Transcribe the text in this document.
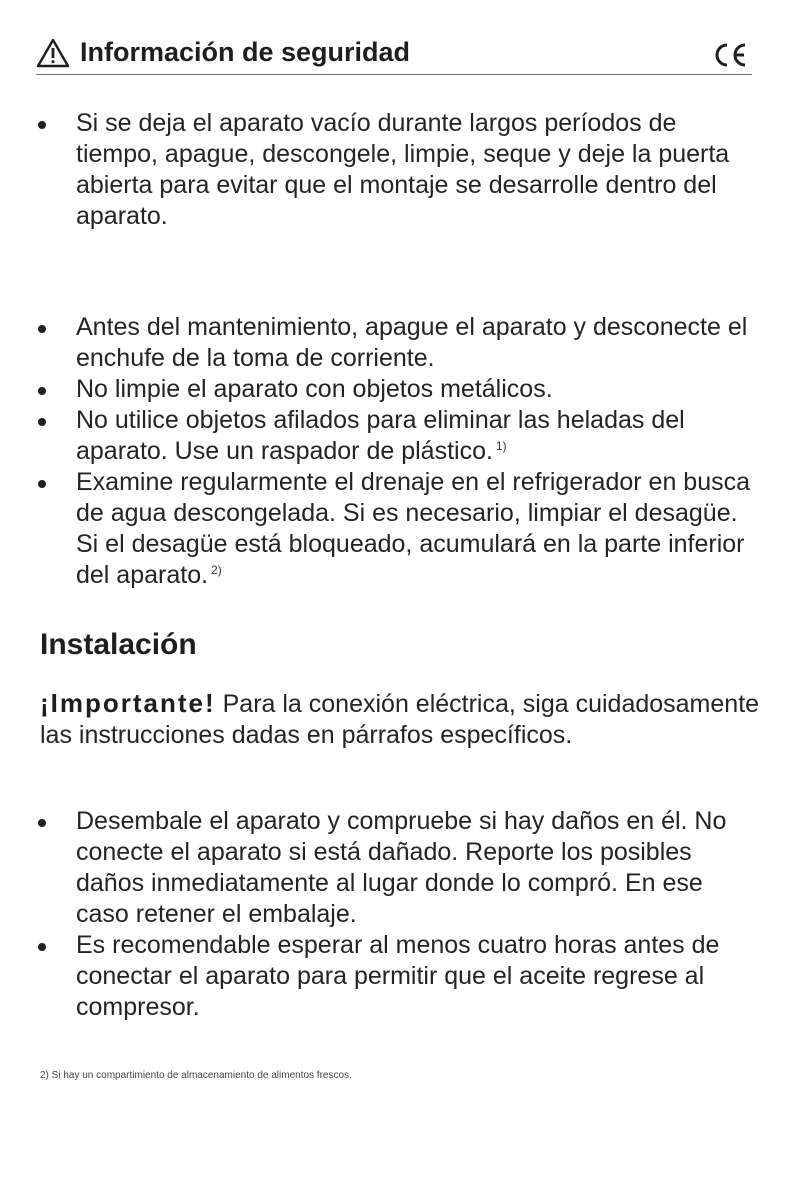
Información de seguridad
Si se deja el aparato vacío durante largos períodos de tiempo, apague, descongele, limpie, seque y deje la puerta abierta para evitar que el montaje se desarrolle dentro del aparato.
Antes del mantenimiento, apague el aparato y desconecte el enchufe de la toma de corriente.
No limpie el aparato con objetos metálicos.
No utilice objetos afilados para eliminar las heladas del aparato. Use un raspador de plástico. $^{1)}$
Examine regularmente el drenaje en el refrigerador en busca de agua descongelada. Si es necesario, limpiar el desagüe. Si el desagüe está bloqueado, acumulará en la parte inferior del aparato. $^{2)}$
Instalación
¡Importante! Para la conexión eléctrica, siga cuidadosamente las instrucciones dadas en párrafos específicos.
Desembale el aparato y compruebe si hay daños en él. No conecte el aparato si está dañado. Reporte los posibles daños inmediatamente al lugar donde lo compró. En ese caso retener el embalaje.
Es recomendable esperar al menos cuatro horas antes de conectar el aparato para permitir que el aceite regrese al compresor.
2) Si hay un compartimiento de almacenamiento de alimentos frescos.
